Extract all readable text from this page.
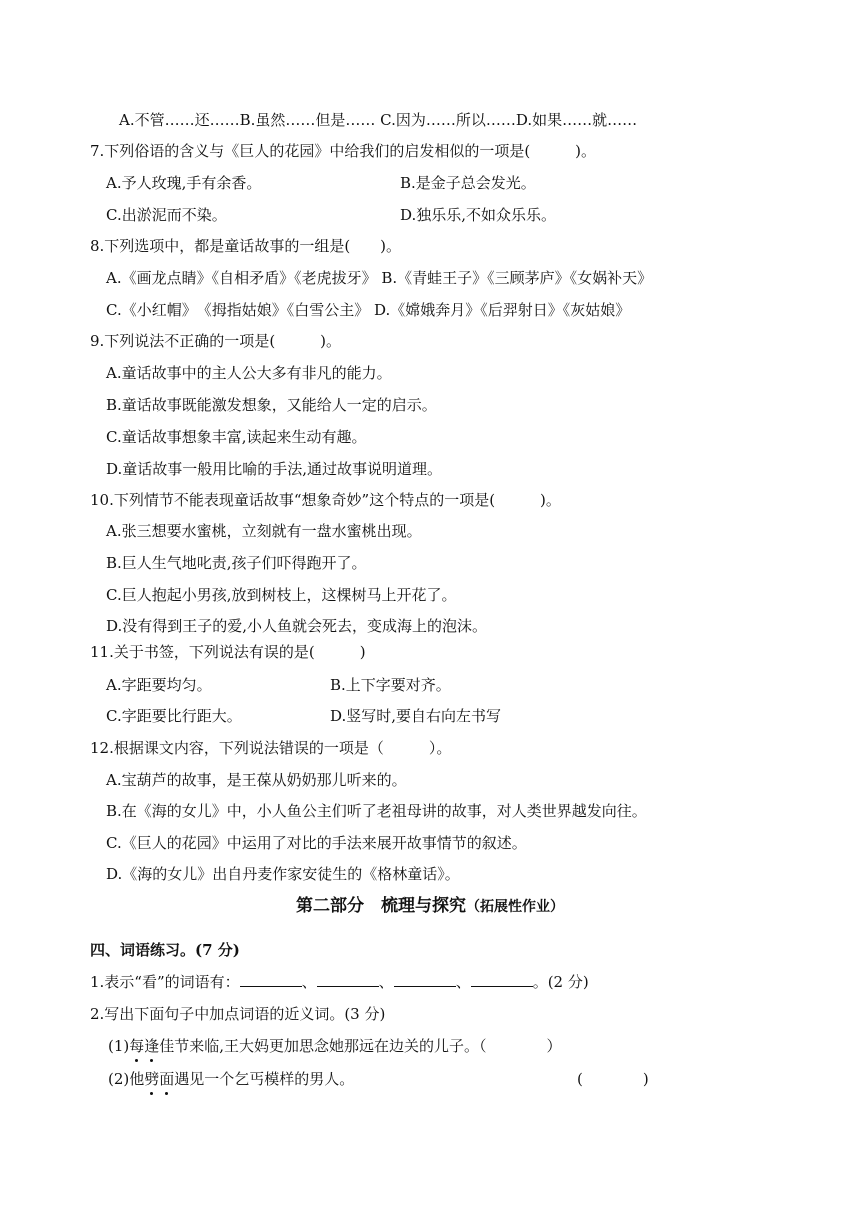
A.不管……还……B.虽然……但是…… C.因为……所以……D.如果……就……
7.下列俗语的含义与《巨人的花园》中给我们的启发相似的一项是(　　　)。
A.予人玫瑰,手有余香。	B.是金子总会发光。
C.出淤泥而不染。	D.独乐乐,不如众乐乐。
8.下列选项中，都是童话故事的一组是(　　)。
A.《画龙点睛》《自相矛盾》《老虎拔牙》 B.《青蛙王子》《三顾茅庐》《女娲补天》
C.《小红帽》　《拇指姑娘》《白雪公主》 D.《嫦娥奔月》《后羿射日》《灰姑娘》
9.下列说法不正确的一项是(　　　)。
A.童话故事中的主人公大多有非凡的能力。
B.童话故事既能激发想象，又能给人一定的启示。
C.童话故事想象丰富,读起来生动有趣。
D.童话故事一般用比喻的手法,通过故事说明道理。
10.下列情节不能表现童话故事“想象奇妙”这个特点的一项是(　　　)。
A.张三想要水蜜桃，立刻就有一盘水蜜桃出现。
B.巨人生气地叱责,孩子们吓得跑开了。
C.巨人抱起小男孩,放到树枝上，这棵树马上开花了。
D.没有得到王子的爱,小人鱼就会死去，变成海上的泡沫。
11.关于书签，下列说法有误的是(　　　)
A.字距要均匀。	B.上下字要对齐。
C.字距要比行距大。	D.竖写时,要自右向左书写
12.根据课文内容，下列说法错误的一项是（　　　）。
A.宝葫芦的故事，是王葆从奶奶那儿听来的。
B.在《海的女儿》中，小人鱼公主们听了老祖母讲的故事，对人类世界越发向往。
C.《巨人的花园》中运用了对比的手法来展开故事情节的叙述。
D.《海的女儿》出自丹麦作家安徒生的《格林童话》。
第二部分　梳理与探究（拓展性作业）
四、词语练习。(7 分)
1.表示“看”的词语有：	、	、	、	。(2 分)
2.写出下面句子中加点词语的近义词。(3 分)
(1)每逢
佳节来临,王大妈更加思念她那远在边关的儿子。（　　　　）
(2)他劈面
遇见一个乞丐模样的男人。	(　　　　)
